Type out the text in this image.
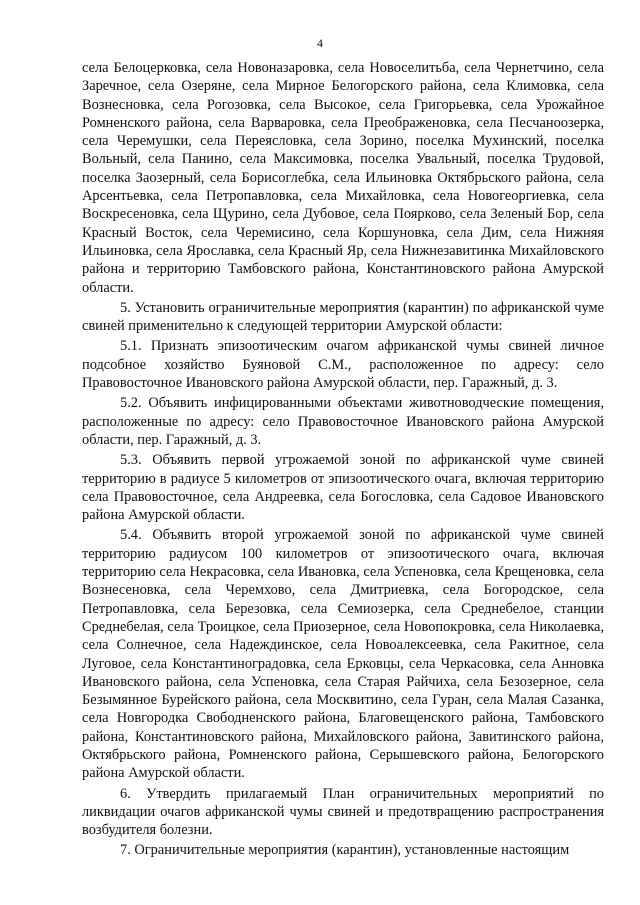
4

села Белоцерковка, села Новоназаровка, села Новоселитьба, села Чернетчино, села Заречное, села Озеряне, села Мирное Белогорского района, села Климовка, села Вознесновка, села Рогозовка, села Высокое, села Григорьевка, села Урожайное Ромненского района, села Варваровка, села Преображеновка, села Песчаноозерка, села Черемушки, села Переясловка, села Зорино, поселка Мухинский, поселка Вольный, села Панино, села Максимовка, поселка Увальный, поселка Трудовой, поселка Заозерный, села Борисоглебка, села Ильиновка Октябрьского района, села Арсентьевка, села Петропавловка, села Михайловка, села Новогеоргиевка, села Воскресеновка, села Щурино, села Дубовое, села Поярково, села Зеленый Бор, села Красный Восток, села Черемисино, села Коршуновка, села Дим, села Нижняя Ильиновка, села Ярославка, села Красный Яр, села Нижнезавитинка Михайловского района и территорию Тамбовского района, Константиновского района Амурской области.

5. Установить ограничительные мероприятия (карантин) по африканской чуме свиней применительно к следующей территории Амурской области:

5.1. Признать эпизоотическим очагом африканской чумы свиней личное подсобное хозяйство Буяновой С.М., расположенное по адресу: село Правовосточное Ивановского района Амурской области, пер. Гаражный, д. 3.

5.2. Объявить инфицированными объектами животноводческие помещения, расположенные по адресу: село Правовосточное Ивановского района Амурской области, пер. Гаражный, д. 3.

5.3. Объявить первой угрожаемой зоной по африканской чуме свиней территорию в радиусе 5 километров от эпизоотического очага, включая территорию села Правовосточное, села Андреевка, села Богословка, села Садовое Ивановского района Амурской области.

5.4. Объявить второй угрожаемой зоной по африканской чуме свиней территорию радиусом 100 километров от эпизоотического очага, включая территорию села Некрасовка, села Ивановка, села Успеновка, села Крещеновка, села Вознесеновка, села Черемхово, села Дмитриевка, села Богородское, села Петропавловка, села Березовка, села Семиозерка, села Среднебелое, станции Среднебелая, села Троицкое, села Приозерное, села Новопокровка, села Николаевка, села Солнечное, села Надеждинское, села Новоалексеевка, села Ракитное, села Луговое, села Константиноградовка, села Ерковцы, села Черкасовка, села Анновка Ивановского района, села Успеновка, села Старая Райчиха, села Безозерное, села Безымянное Бурейского района, села Москвитино, села Гуран, села Малая Сазанка, села Новгородка Свободненского района, Благовещенского района, Тамбовского района, Константиновского района, Михайловского района, Завитинского района, Октябрьского района, Ромненского района, Серышевского района, Белогорского района Амурской области.

6. Утвердить прилагаемый План ограничительных мероприятий по ликвидации очагов африканской чумы свиней и предотвращению распространения возбудителя болезни.

7. Ограничительные мероприятия (карантин), установленные настоящим
